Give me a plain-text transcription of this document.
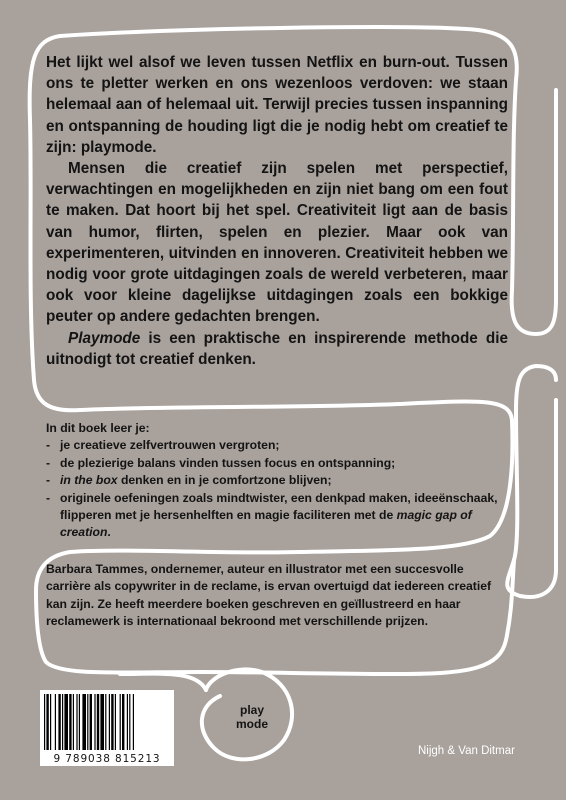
Het lijkt wel alsof we leven tussen Netflix en burn-out. Tussen ons te pletter werken en ons wezenloos verdoven: we staan helemaal aan of helemaal uit. Terwijl precies tussen inspanning en ontspanning de houding ligt die je nodig hebt om creatief te zijn: playmode.

Mensen die creatief zijn spelen met perspectief, verwachtingen en mogelijkheden en zijn niet bang om een fout te maken. Dat hoort bij het spel. Creativiteit ligt aan de basis van humor, flirten, spelen en plezier. Maar ook van experimenteren, uitvinden en innoveren. Creativiteit hebben we nodig voor grote uitdagingen zoals de wereld verbeteren, maar ook voor kleine dagelijkse uitdagingen zoals een bokkige peuter op andere gedachten brengen.

Playmode is een praktische en inspirerende methode die uitnodigt tot creatief denken.

In dit boek leer je:
- je creatieve zelfvertrouwen vergroten;
- de plezierige balans vinden tussen focus en ontspanning;
- in the box denken en in je comfortzone blijven;
- originele oefeningen zoals mindtwister, een denkpad maken, ideeënschaak, flipperen met je hersenhelften en magie faciliteren met de magic gap of creation.
Barbara Tammes, ondernemer, auteur en illustrator met een succesvolle carrière als copywriter in de reclame, is ervan overtuigd dat iedereen creatief kan zijn. Ze heeft meerdere boeken geschreven en geïllustreerd en haar reclamewerk is internationaal bekroond met verschillende prijzen.
9 789038 815213
play
mode
Nijgh & Van Ditmar
